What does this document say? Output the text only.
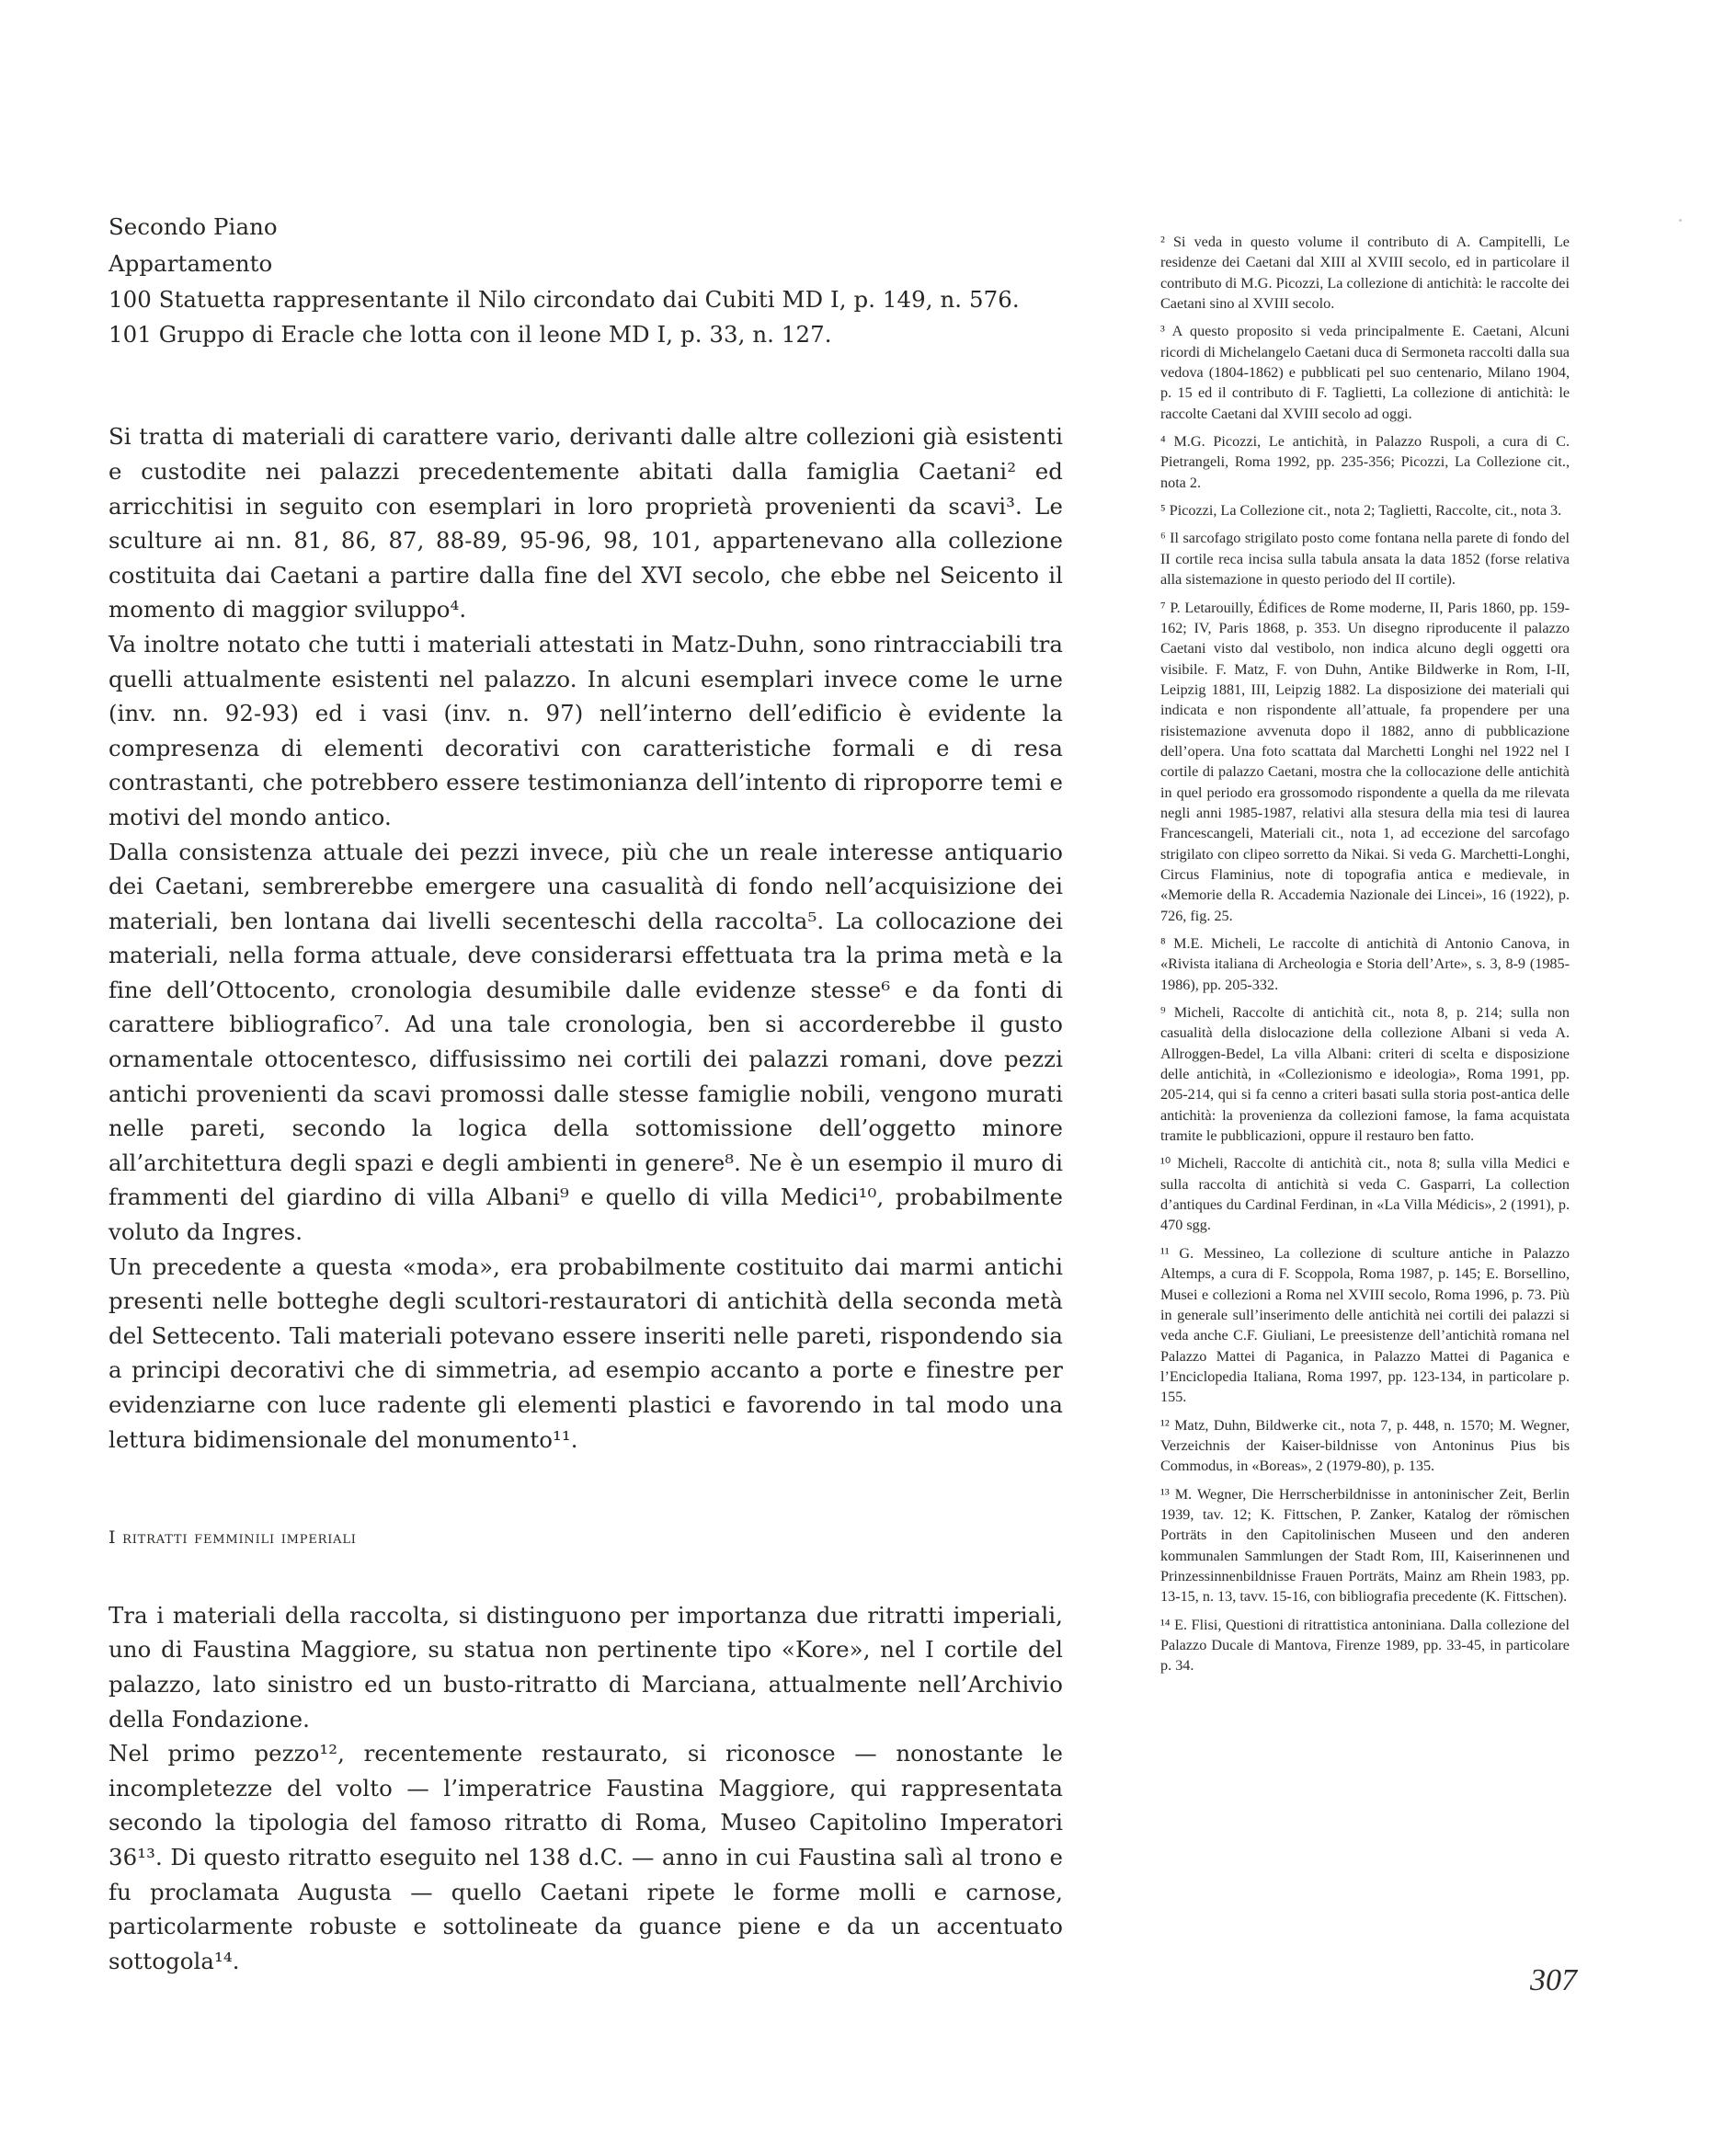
Secondo Piano

Appartamento

100 Statuetta rappresentante il Nilo circondato dai Cubiti MD I, p. 149, n. 576.

101 Gruppo di Eracle che lotta con il leone MD I, p. 33, n. 127.

Si tratta di materiali di carattere vario, derivanti dalle altre collezioni già esistenti e custodite nei palazzi precedentemente abitati dalla famiglia Caetani² ed arricchitisi in seguito con esemplari in loro proprietà provenienti da scavi³. Le sculture ai nn. 81, 86, 87, 88-89, 95-96, 98, 101, appartenevano alla collezione costituita dai Caetani a partire dalla fine del XVI secolo, che ebbe nel Seicento il momento di maggior sviluppo⁴.

Va inoltre notato che tutti i materiali attestati in Matz-Duhn, sono rintracciabili tra quelli attualmente esistenti nel palazzo. In alcuni esemplari invece come le urne (inv. nn. 92-93) ed i vasi (inv. n. 97) nell’interno dell’edificio è evidente la compresenza di elementi decorativi con caratteristiche formali e di resa contrastanti, che potrebbero essere testimonianza dell’intento di riproporre temi e motivi del mondo antico.

Dalla consistenza attuale dei pezzi invece, più che un reale interesse antiquario dei Caetani, sembrerebbe emergere una casualità di fondo nell’acquisizione dei materiali, ben lontana dai livelli secenteschi della raccolta⁵. La collocazione dei materiali, nella forma attuale, deve considerarsi effettuata tra la prima metà e la fine dell’Ottocento, cronologia desumibile dalle evidenze stesse⁶ e da fonti di carattere bibliografico⁷. Ad una tale cronologia, ben si accorderebbe il gusto ornamentale ottocentesco, diffusissimo nei cortili dei palazzi romani, dove pezzi antichi provenienti da scavi promossi dalle stesse famiglie nobili, vengono murati nelle pareti, secondo la logica della sottomissione dell’oggetto minore all’architettura degli spazi e degli ambienti in genere⁸. Ne è un esempio il muro di frammenti del giardino di villa Albani⁹ e quello di villa Medici¹⁰, probabilmente voluto da Ingres.

Un precedente a questa «moda», era probabilmente costituito dai marmi antichi presenti nelle botteghe degli scultori-restauratori di antichità della seconda metà del Settecento. Tali materiali potevano essere inseriti nelle pareti, rispondendo sia a principi decorativi che di simmetria, ad esempio accanto a porte e finestre per evidenziarne con luce radente gli elementi plastici e favorendo in tal modo una lettura bidimensionale del monumento¹¹.

I ritratti femminili imperiali

Tra i materiali della raccolta, si distinguono per importanza due ritratti imperiali, uno di Faustina Maggiore, su statua non pertinente tipo «Kore», nel I cortile del palazzo, lato sinistro ed un busto-ritratto di Marciana, attualmente nell’Archivio della Fondazione.

Nel primo pezzo¹², recentemente restaurato, si riconosce — nonostante le incompletezze del volto — l’imperatrice Faustina Maggiore, qui rappresentata secondo la tipologia del famoso ritratto di Roma, Museo Capitolino Imperatori 36¹³. Di questo ritratto eseguito nel 138 d.C. — anno in cui Faustina salì al trono e fu proclamata Augusta — quello Caetani ripete le forme molli e carnose, particolarmente robuste e sottolineate da guance piene e da un accentuato sottogola¹⁴.

² Si veda in questo volume il contributo di A. Campitelli, Le residenze dei Caetani dal XIII al XVIII secolo, ed in particolare il contributo di M.G. Picozzi, La collezione di antichità: le raccolte dei Caetani sino al XVIII secolo.

³ A questo proposito si veda principalmente E. Caetani, Alcuni ricordi di Michelangelo Caetani duca di Sermoneta raccolti dalla sua vedova (1804-1862) e pubblicati pel suo centenario, Milano 1904, p. 15 ed il contributo di F. Taglietti, La collezione di antichità: le raccolte Caetani dal XVIII secolo ad oggi.

⁴ M.G. Picozzi, Le antichità, in Palazzo Ruspoli, a cura di C. Pietrangeli, Roma 1992, pp. 235-356; Picozzi, La Collezione cit., nota 2.

⁵ Picozzi, La Collezione cit., nota 2; Taglietti, Raccolte, cit., nota 3.

⁶ Il sarcofago strigilato posto come fontana nella parete di fondo del II cortile reca incisa sulla tabula ansata la data 1852 (forse relativa alla sistemazione in questo periodo del II cortile).

⁷ P. Letarouilly, Édifices de Rome moderne, II, Paris 1860, pp. 159-162; IV, Paris 1868, p. 353. Un disegno riproducente il palazzo Caetani visto dal vestibolo, non indica alcuno degli oggetti ora visibile. F. Matz, F. von Duhn, Antike Bildwerke in Rom, I-II, Leipzig 1881, III, Leipzig 1882. La disposizione dei materiali qui indicata e non rispondente all’attuale, fa propendere per una risistemazione avvenuta dopo il 1882, anno di pubblicazione dell’opera. Una foto scattata dal Marchetti Longhi nel 1922 nel I cortile di palazzo Caetani, mostra che la collocazione delle antichità in quel periodo era grossomodo rispondente a quella da me rilevata negli anni 1985-1987, relativi alla stesura della mia tesi di laurea Francescangeli, Materiali cit., nota 1, ad eccezione del sarcofago strigilato con clipeo sorretto da Nikai. Si veda G. Marchetti-Longhi, Circus Flaminius, note di topografia antica e medievale, in «Memorie della R. Accademia Nazionale dei Lincei», 16 (1922), p. 726, fig. 25.

⁸ M.E. Micheli, Le raccolte di antichità di Antonio Canova, in «Rivista italiana di Archeologia e Storia dell’Arte», s. 3, 8-9 (1985-1986), pp. 205-332.

⁹ Micheli, Raccolte di antichità cit., nota 8, p. 214; sulla non casualità della dislocazione della collezione Albani si veda A. Allroggen-Bedel, La villa Albani: criteri di scelta e disposizione delle antichità, in «Collezionismo e ideologia», Roma 1991, pp. 205-214, qui si fa cenno a criteri basati sulla storia post-antica delle antichità: la provenienza da collezioni famose, la fama acquistata tramite le pubblicazioni, oppure il restauro ben fatto.

¹⁰ Micheli, Raccolte di antichità cit., nota 8; sulla villa Medici e sulla raccolta di antichità si veda C. Gasparri, La collection d’antiques du Cardinal Ferdinan, in «La Villa Médicis», 2 (1991), p. 470 sgg.

¹¹ G. Messineo, La collezione di sculture antiche in Palazzo Altemps, a cura di F. Scoppola, Roma 1987, p. 145; E. Borsellino, Musei e collezioni a Roma nel XVIII secolo, Roma 1996, p. 73. Più in generale sull’inserimento delle antichità nei cortili dei palazzi si veda anche C.F. Giuliani, Le preesistenze dell’antichità romana nel Palazzo Mattei di Paganica, in Palazzo Mattei di Paganica e l’Enciclopedia Italiana, Roma 1997, pp. 123-134, in particolare p. 155.

¹² Matz, Duhn, Bildwerke cit., nota 7, p. 448, n. 1570; M. Wegner, Verzeichnis der Kaiser-bildnisse von Antoninus Pius bis Commodus, in «Boreas», 2 (1979-80), p. 135.

¹³ M. Wegner, Die Herrscherbildnisse in antoninischer Zeit, Berlin 1939, tav. 12; K. Fittschen, P. Zanker, Katalog der römischen Porträts in den Capitolinischen Museen und den anderen kommunalen Sammlungen der Stadt Rom, III, Kaiserinnenen und Prinzessinnenbildnisse Frauen Porträts, Mainz am Rhein 1983, pp. 13-15, n. 13, tavv. 15-16, con bibliografia precedente (K. Fittschen).

¹⁴ E. Flisi, Questioni di ritrattistica antoniniana. Dalla collezione del Palazzo Ducale di Mantova, Firenze 1989, pp. 33-45, in particolare p. 34.

307
